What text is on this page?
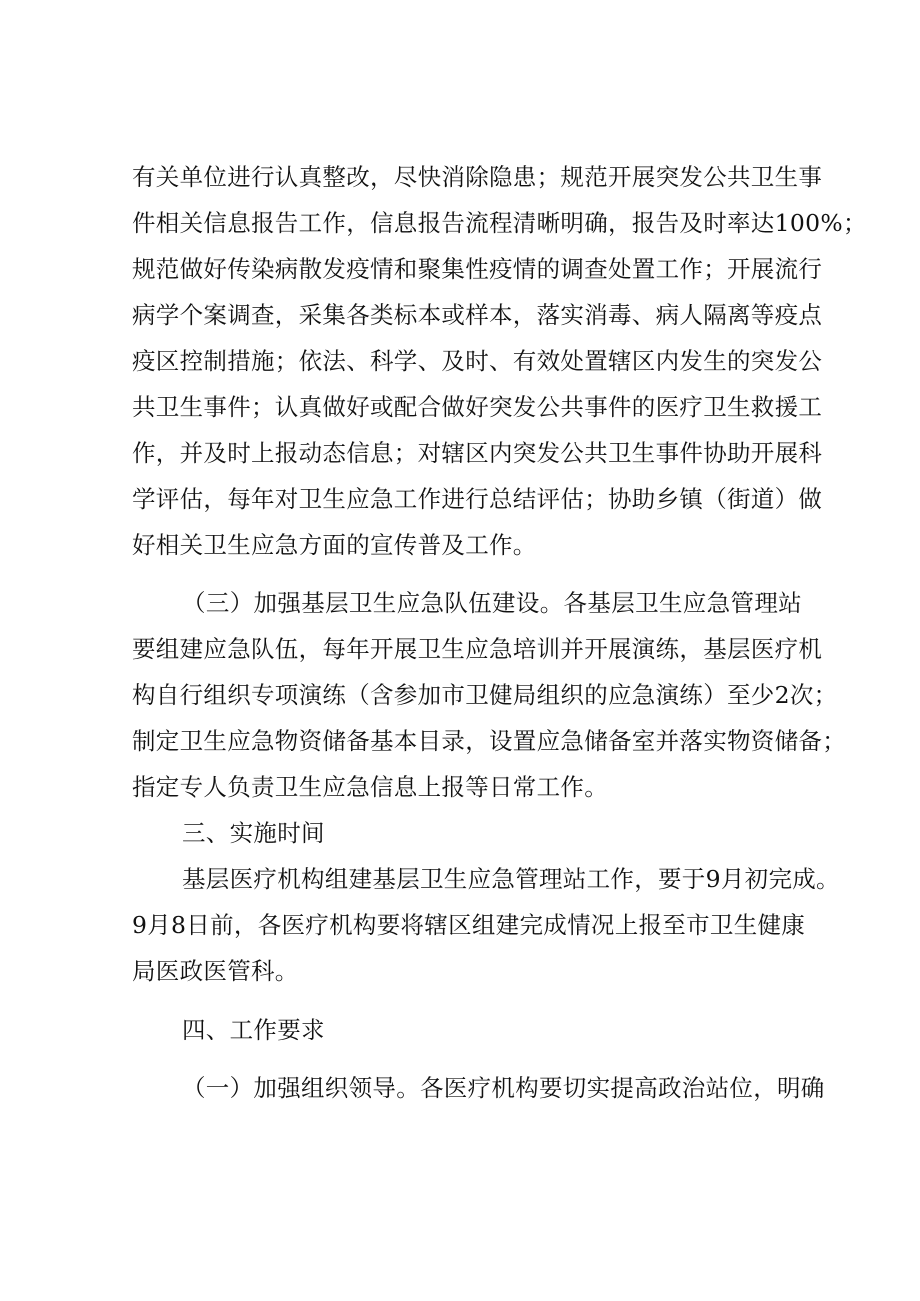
有关单位进行认真整改，尽快消除隐患；规范开展突发公共卫生事
件相关信息报告工作，信息报告流程清晰明确，报告及时率达100%；
规范做好传染病散发疫情和聚集性疫情的调查处置工作；开展流行
病学个案调查，采集各类标本或样本，落实消毒、病人隔离等疫点
疫区控制措施；依法、科学、及时、有效处置辖区内发生的突发公
共卫生事件；认真做好或配合做好突发公共事件的医疗卫生救援工
作，并及时上报动态信息；对辖区内突发公共卫生事件协助开展科
学评估，每年对卫生应急工作进行总结评估；协助乡镇（街道）做
好相关卫生应急方面的宣传普及工作。
（三）加强基层卫生应急队伍建设。各基层卫生应急管理站
要组建应急队伍，每年开展卫生应急培训并开展演练，基层医疗机
构自行组织专项演练（含参加市卫健局组织的应急演练）至少2次；
制定卫生应急物资储备基本目录，设置应急储备室并落实物资储备；
指定专人负责卫生应急信息上报等日常工作。
三、实施时间
基层医疗机构组建基层卫生应急管理站工作，要于9月初完成。
9月8日前，各医疗机构要将辖区组建完成情况上报至市卫生健康
局医政医管科。
四、工作要求
（一）加强组织领导。各医疗机构要切实提高政治站位，明确
